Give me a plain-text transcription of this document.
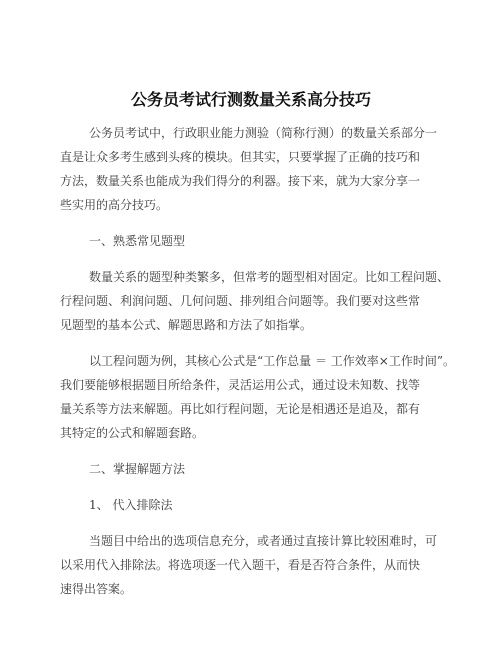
公务员考试行测数量关系高分技巧
公务员考试中，行政职业能力测验（简称行测）的数量关系部分一
直是让众多考生感到头疼的模块。但其实，只要掌握了正确的技巧和
方法，数量关系也能成为我们得分的利器。接下来，就为大家分享一
些实用的高分技巧。
一、熟悉常见题型
数量关系的题型种类繁多，但常考的题型相对固定。比如工程问题、
行程问题、利润问题、几何问题、排列组合问题等。我们要对这些常
见题型的基本公式、解题思路和方法了如指掌。
以工程问题为例，其核心公式是“工作总量 ＝ 工作效率×工作时间”。
我们要能够根据题目所给条件，灵活运用公式，通过设未知数、找等
量关系等方法来解题。再比如行程问题，无论是相遇还是追及，都有
其特定的公式和解题套路。
二、掌握解题方法
1、 代入排除法
当题目中给出的选项信息充分，或者通过直接计算比较困难时，可
以采用代入排除法。将选项逐一代入题干，看是否符合条件，从而快
速得出答案。
